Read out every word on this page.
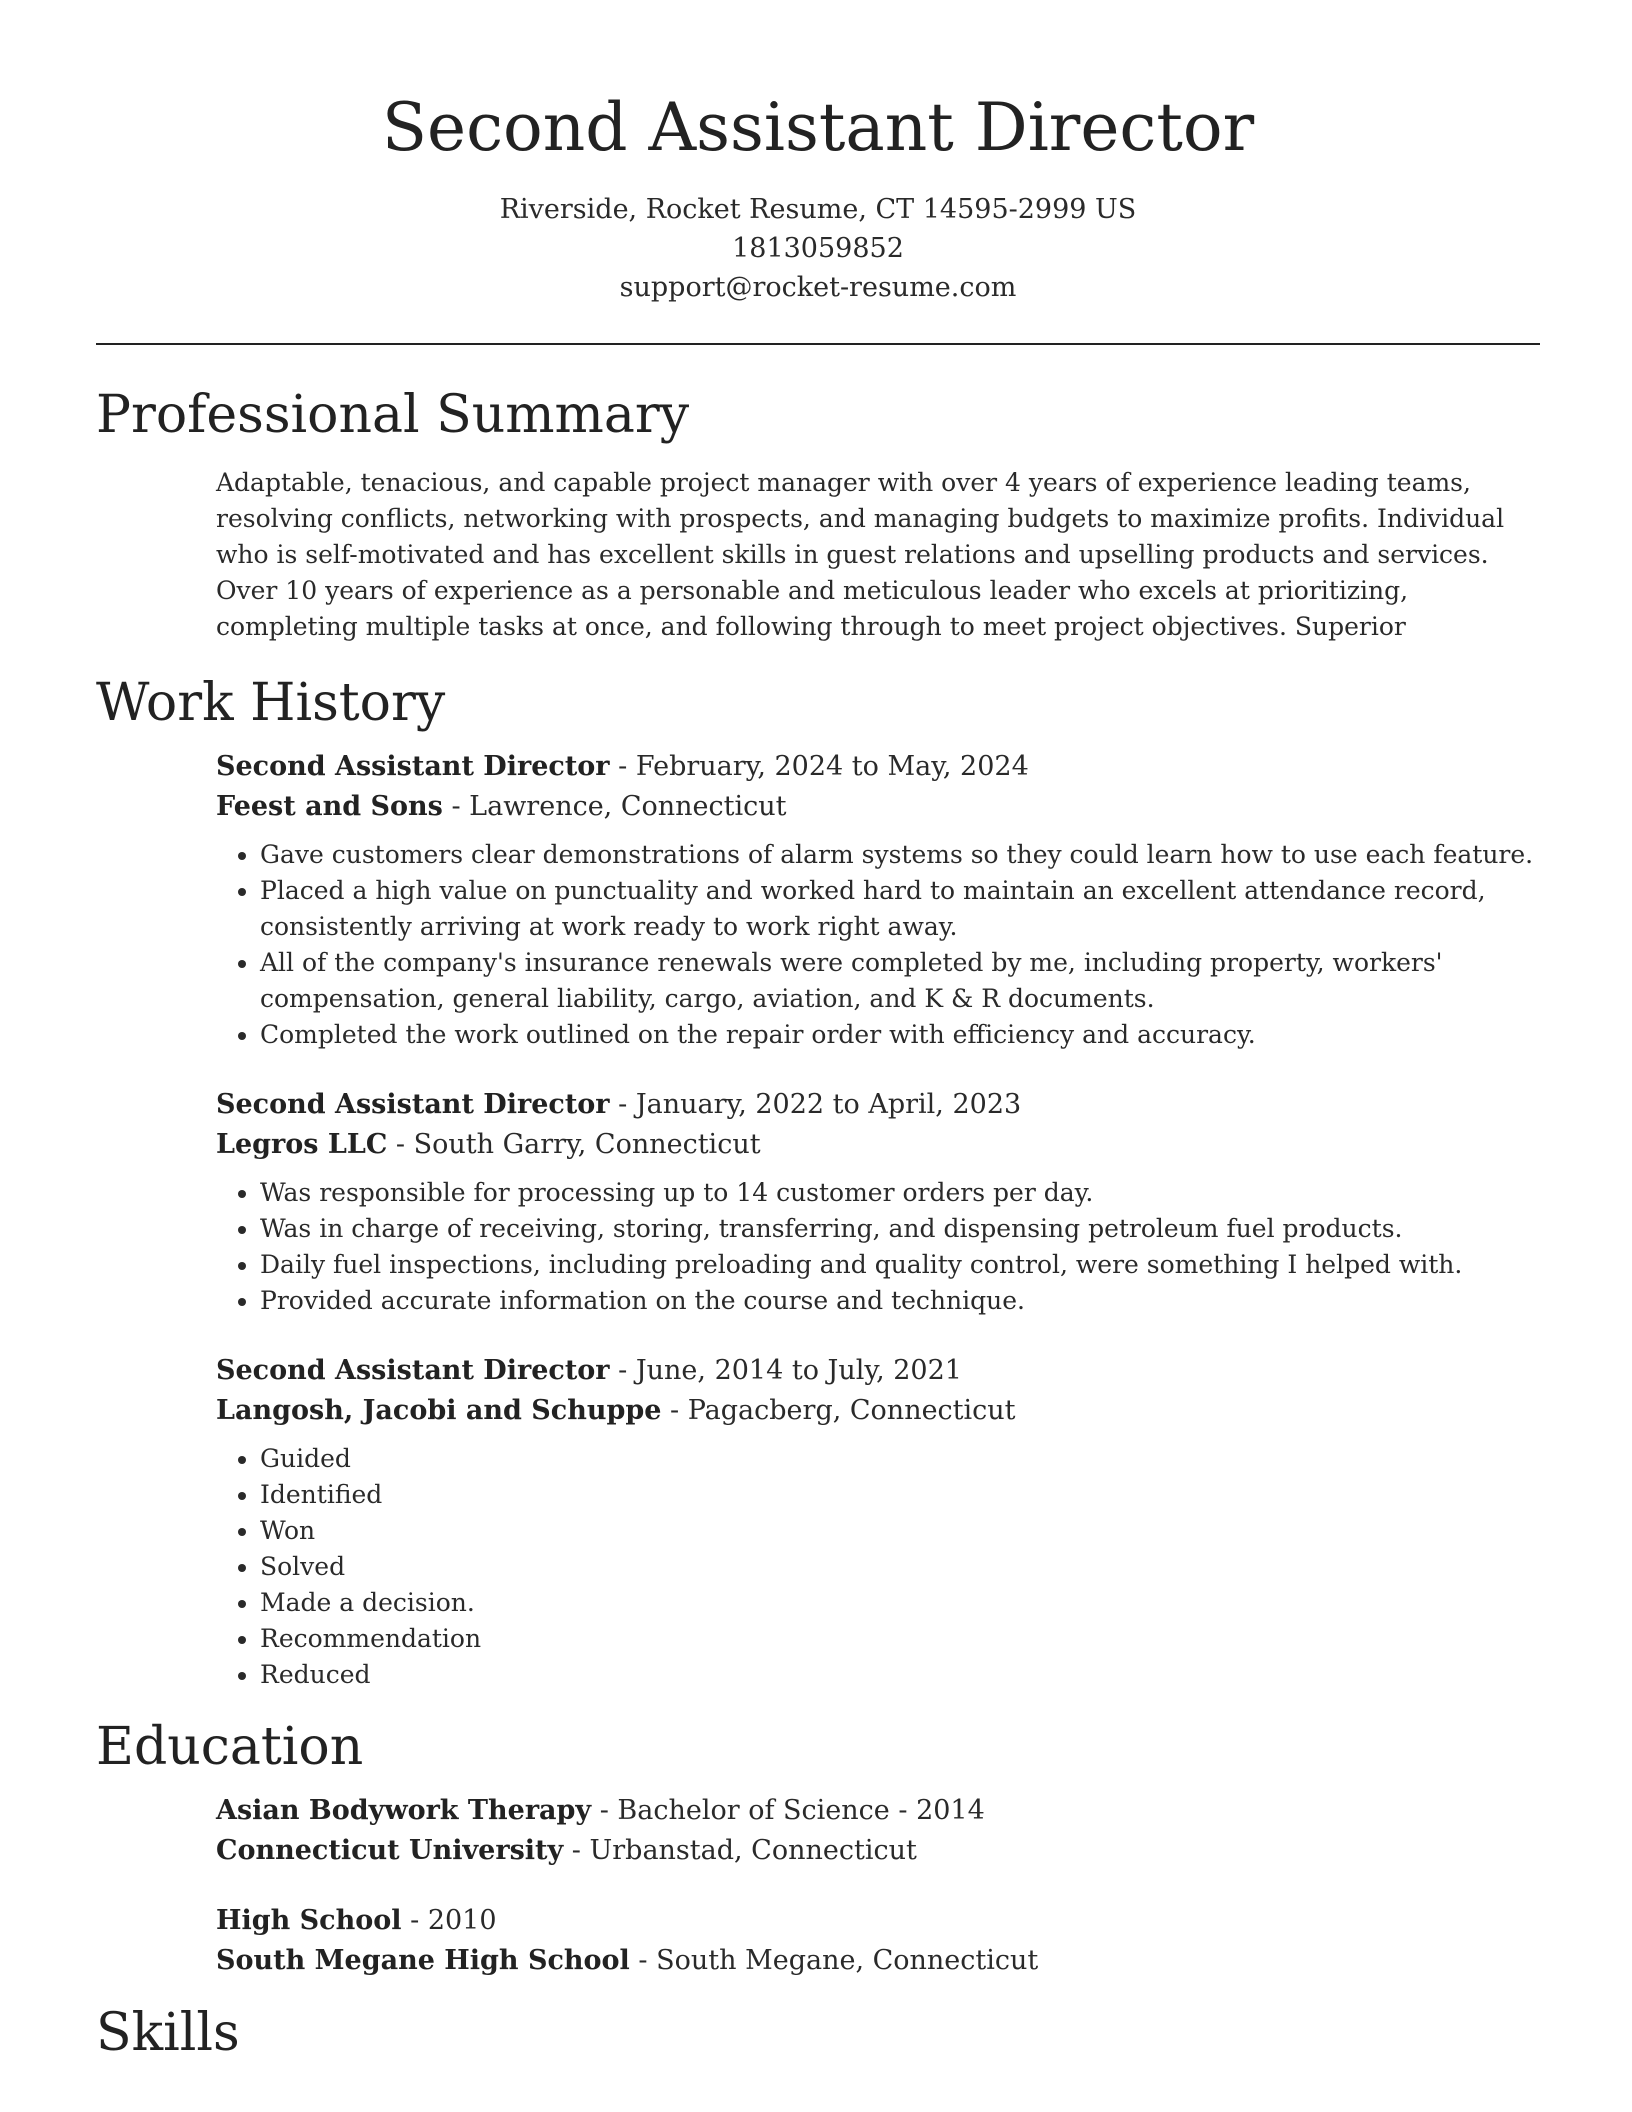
Second Assistant Director

Riverside, Rocket Resume, CT 14595-2999 US

1813059852

support@rocket-resume.com

Professional Summary

Adaptable, tenacious, and capable project manager with over 4 years of experience leading teams, resolving conflicts, networking with prospects, and managing budgets to maximize profits. Individual who is self-motivated and has excellent skills in guest relations and upselling products and services. Over 10 years of experience as a personable and meticulous leader who excels at prioritizing, completing multiple tasks at once, and following through to meet project objectives. Superior

Work History

Second Assistant Director - February, 2024 to May, 2024

Feest and Sons - Lawrence, Connecticut

• Gave customers clear demonstrations of alarm systems so they could learn how to use each feature.
• Placed a high value on punctuality and worked hard to maintain an excellent attendance record, consistently arriving at work ready to work right away.
• All of the company's insurance renewals were completed by me, including property, workers' compensation, general liability, cargo, aviation, and K & R documents.
• Completed the work outlined on the repair order with efficiency and accuracy.

Second Assistant Director - January, 2022 to April, 2023

Legros LLC - South Garry, Connecticut

• Was responsible for processing up to 14 customer orders per day.
• Was in charge of receiving, storing, transferring, and dispensing petroleum fuel products.
• Daily fuel inspections, including preloading and quality control, were something I helped with.
• Provided accurate information on the course and technique.

Second Assistant Director - June, 2014 to July, 2021

Langosh, Jacobi and Schuppe - Pagacberg, Connecticut

• Guided
• Identified
• Won
• Solved
• Made a decision.
• Recommendation
• Reduced
Education

Asian Bodywork Therapy - Bachelor of Science - 2014

Connecticut University - Urbanstad, Connecticut

High School - 2010

South Megane High School - South Megane, Connecticut

Skills
